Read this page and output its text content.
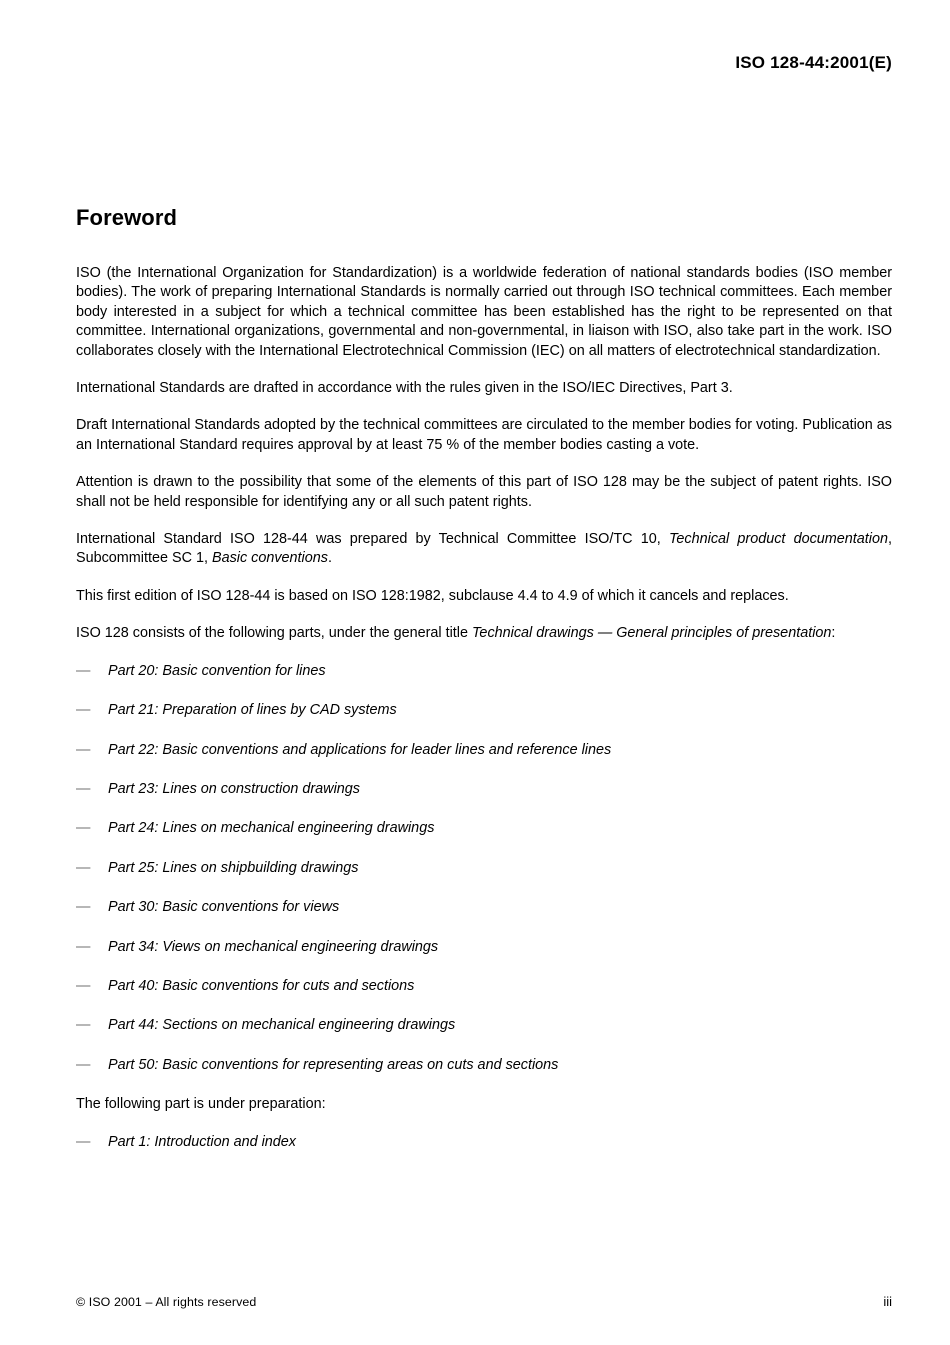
ISO 128-44:2001(E)
Foreword

ISO (the International Organization for Standardization) is a worldwide federation of national standards bodies (ISO member bodies). The work of preparing International Standards is normally carried out through ISO technical committees. Each member body interested in a subject for which a technical committee has been established has the right to be represented on that committee. International organizations, governmental and non-governmental, in liaison with ISO, also take part in the work. ISO collaborates closely with the International Electrotechnical Commission (IEC) on all matters of electrotechnical standardization.

International Standards are drafted in accordance with the rules given in the ISO/IEC Directives, Part 3.

Draft International Standards adopted by the technical committees are circulated to the member bodies for voting. Publication as an International Standard requires approval by at least 75 % of the member bodies casting a vote.

Attention is drawn to the possibility that some of the elements of this part of ISO 128 may be the subject of patent rights. ISO shall not be held responsible for identifying any or all such patent rights.

International Standard ISO 128-44 was prepared by Technical Committee ISO/TC 10, Technical product documentation, Subcommittee SC 1, Basic conventions.

This first edition of ISO 128-44 is based on ISO 128:1982, subclause 4.4 to 4.9 of which it cancels and replaces.

ISO 128 consists of the following parts, under the general title Technical drawings — General principles of presentation:

— Part 20: Basic convention for lines
— Part 21: Preparation of lines by CAD systems
— Part 22: Basic conventions and applications for leader lines and reference lines
— Part 23: Lines on construction drawings
— Part 24: Lines on mechanical engineering drawings
— Part 25: Lines on shipbuilding drawings
— Part 30: Basic conventions for views
— Part 34: Views on mechanical engineering drawings
— Part 40: Basic conventions for cuts and sections
— Part 44: Sections on mechanical engineering drawings
— Part 50: Basic conventions for representing areas on cuts and sections

The following part is under preparation:

— Part 1: Introduction and index
© ISO 2001 – All rights reserved	iii
